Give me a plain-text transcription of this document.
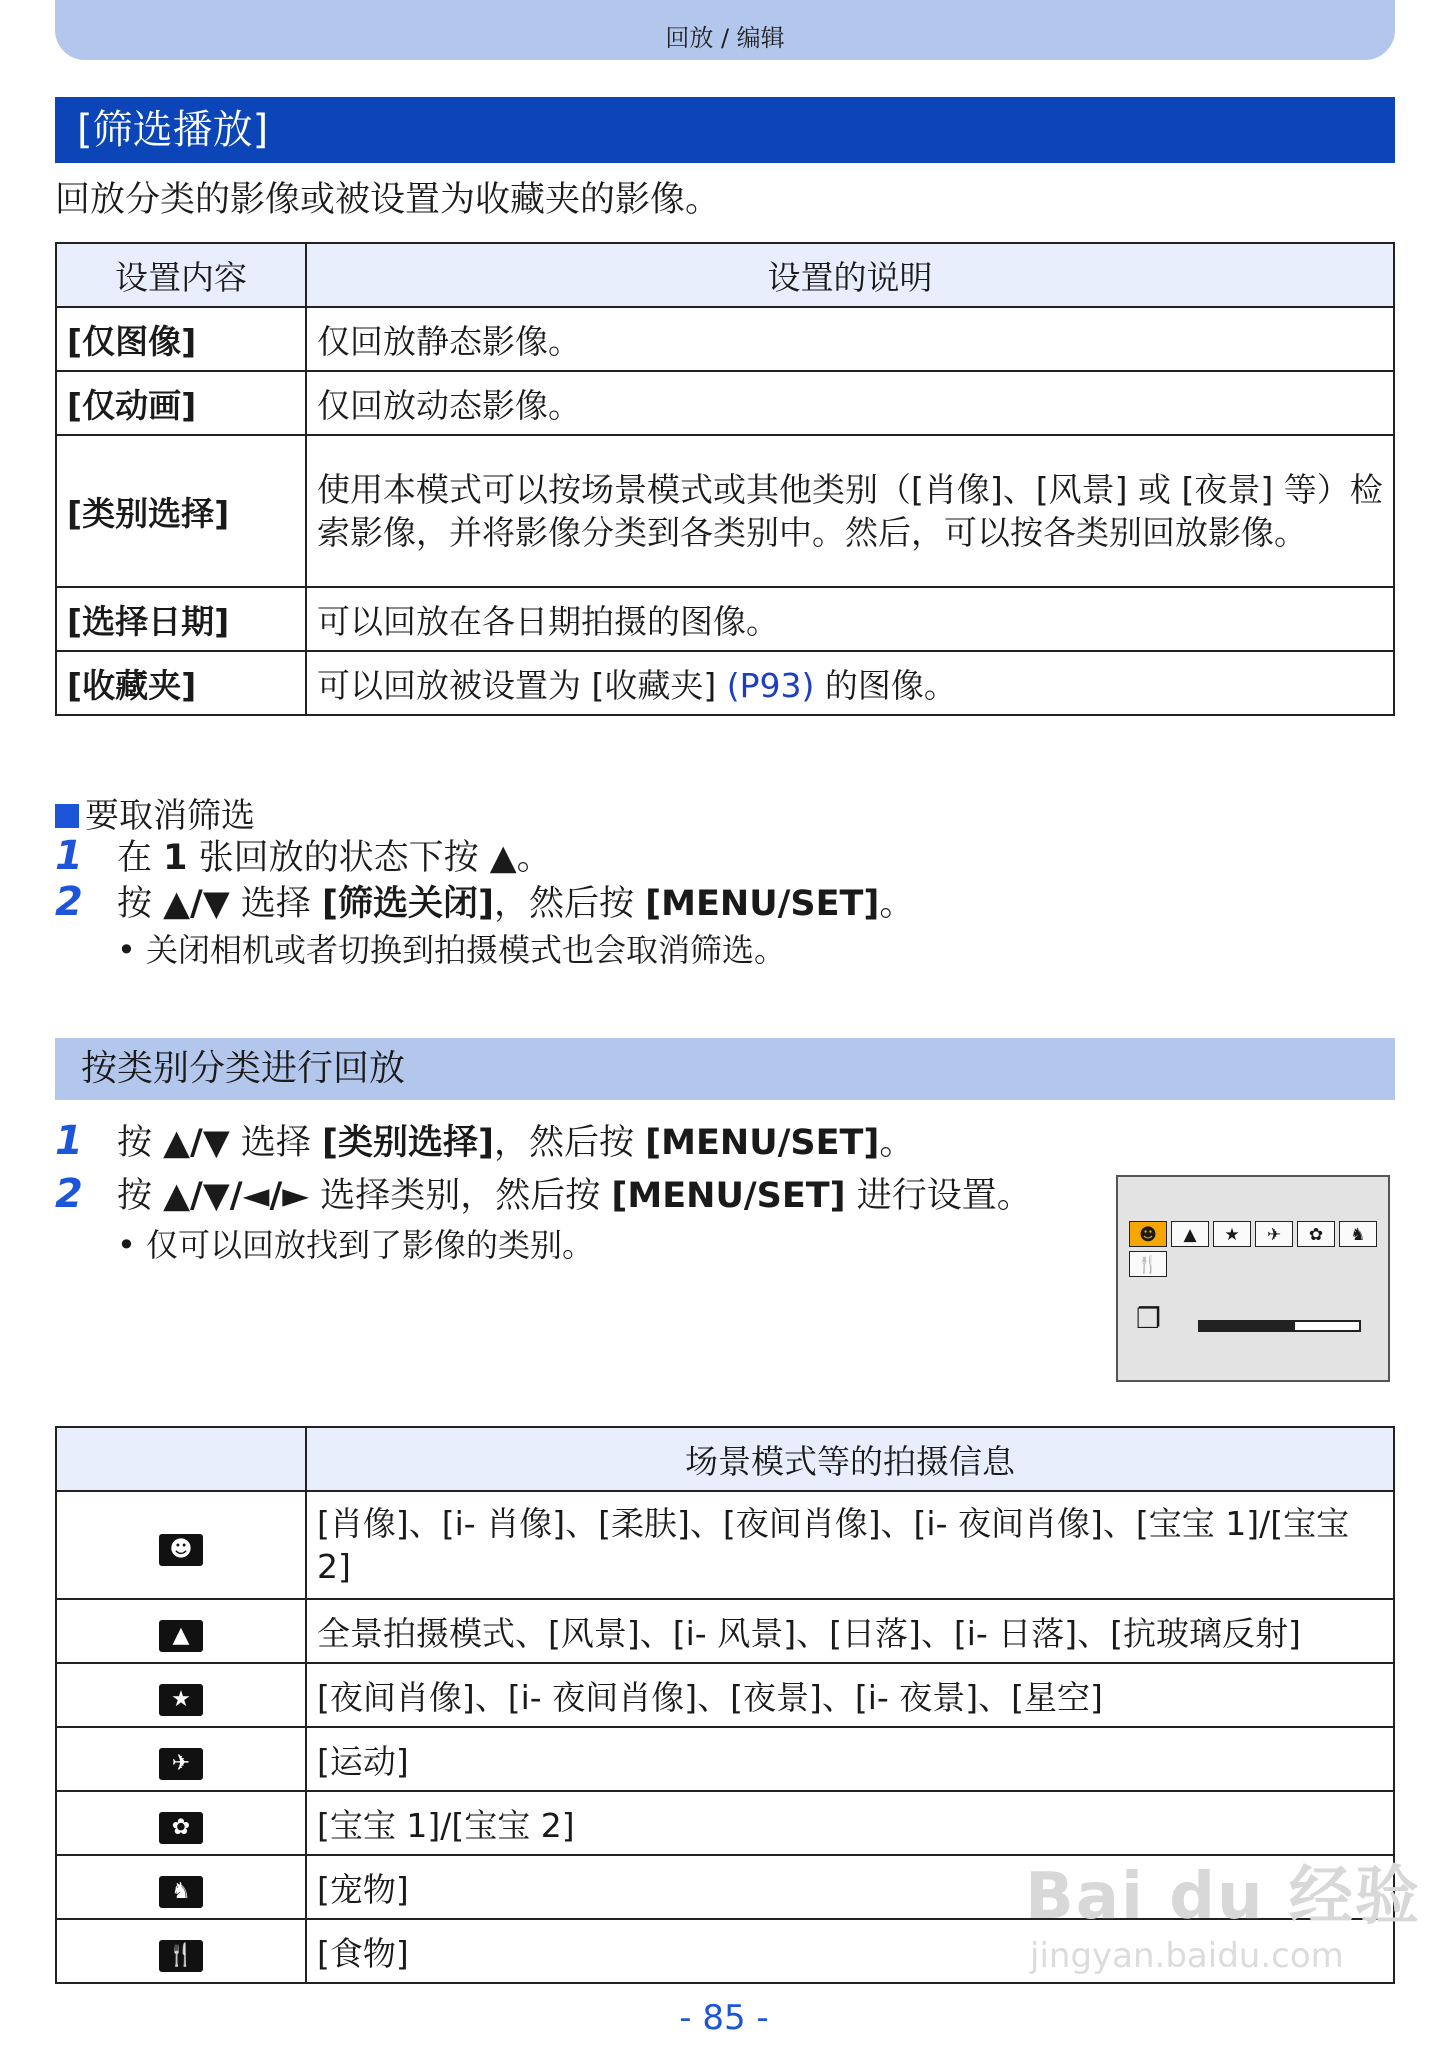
回放 / 编辑
[筛选播放]
回放分类的影像或被设置为收藏夹的影像。
设置内容	设置的说明
[仅图像]	仅回放静态影像。
[仅动画]	仅回放动态影像。
[类别选择]	使用本模式可以按场景模式或其他类别（[肖像]、[风景] 或 [夜景] 等）检索影像，并将影像分类到各类别中。然后，可以按各类别回放影像。
[选择日期]	可以回放在各日期拍摄的图像。
[收藏夹]	可以回放被设置为 [收藏夹] (P93) 的图像。
要取消筛选
1 在 1 张回放的状态下按 ▲。
2 按 ▲/▼ 选择 [筛选关闭]，然后按 [MENU/SET]。
• 关闭相机或者切换到拍摄模式也会取消筛选。
按类别分类进行回放
1 按 ▲/▼ 选择 [类别选择]，然后按 [MENU/SET]。
2 按 ▲/▼/◄/► 选择类别，然后按 [MENU/SET] 进行设置。
• 仅可以回放找到了影像的类别。	☻	▲	★	✈	✿	♞
🍴
❐
	场景模式等的拍摄信息
☻	[肖像]、[i- 肖像]、[柔肤]、[夜间肖像]、[i- 夜间肖像]、[宝宝 1]/[宝宝 2]
▲	全景拍摄模式、[风景]、[i- 风景]、[日落]、[i- 日落]、[抗玻璃反射]
★	[夜间肖像]、[i- 夜间肖像]、[夜景]、[i- 夜景]、[星空]
✈	[运动]
✿	[宝宝 1]/[宝宝 2]
♞	[宠物]
🍴	[食物]
Bai du 经验
jingyan.baidu.com
- 85 -
